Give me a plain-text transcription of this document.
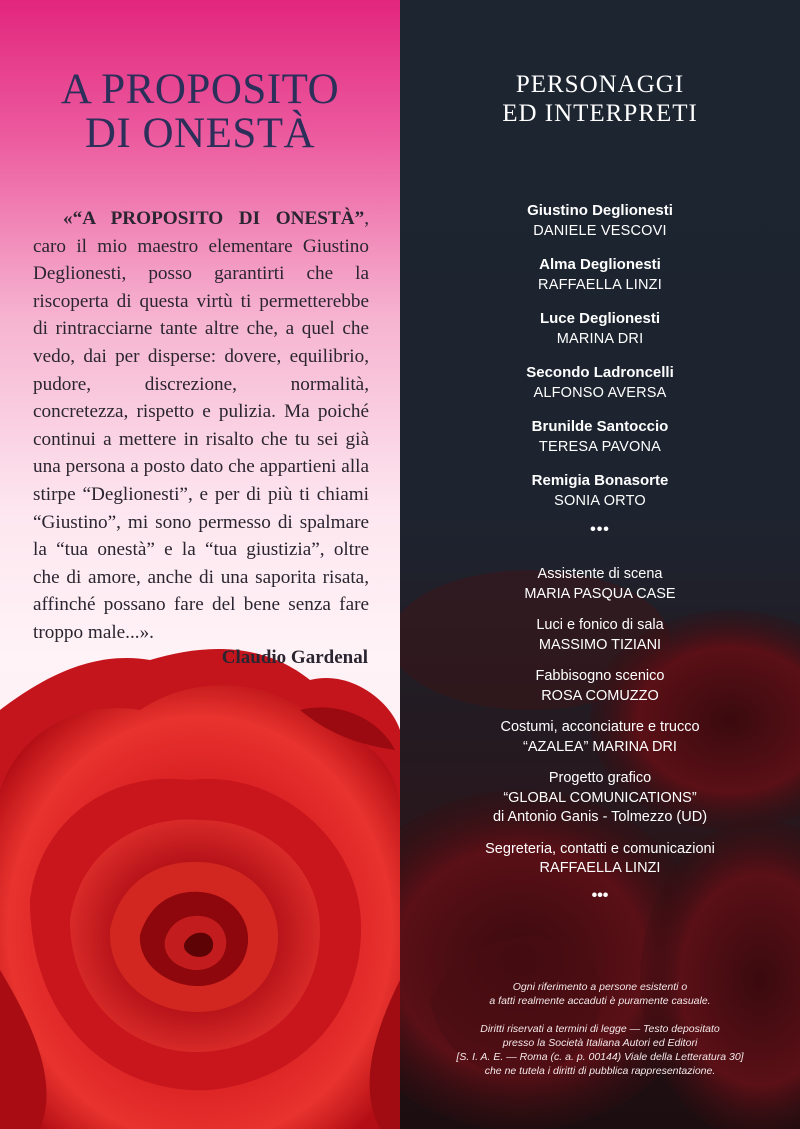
A PROPOSITO
DI ONESTÀ

«“A PROPOSITO DI ONESTÀ”, caro il mio maestro elementare Giustino Deglionesti, posso garantirti che la riscoperta di questa virtù ti permetterebbe di rintracciarne tante altre che, a quel che vedo, dai per disperse: dovere, equilibrio, pudore, discrezione, normalità, concretezza, rispetto e pulizia. Ma poiché continui a mettere in risalto che tu sei già una persona a posto dato che appartieni alla stirpe “Deglionesti”, e per di più ti chiami “Giustino”, mi sono permesso di spalmare la “tua onestà” e la “tua giustizia”, oltre che di amore, anche di una saporita risata, affinché possano fare del bene senza fare troppo male...».

Claudio Gardenal
PERSONAGGI
ED INTERPRETI
Giustino Deglionesti
DANIELE VESCOVI
Alma Deglionesti
RAFFAELLA LINZI
Luce Deglionesti
MARINA DRI
Secondo Ladroncelli
ALFONSO AVERSA
Brunilde Santoccio
TERESA PAVONA
Remigia Bonasorte
SONIA ORTO
•••
Assistente di scena
MARIA PASQUA CASE
Luci e fonico di sala
MASSIMO TIZIANI
Fabbisogno scenico
ROSA COMUZZO
Costumi, acconciature e trucco
“AZALEA” MARINA DRI
Progetto grafico
“GLOBAL COMUNICATIONS”
di Antonio Ganis - Tolmezzo (UD)
Segreteria, contatti e comunicazioni
RAFFAELLA LINZI
•••

Ogni riferimento a persone esistenti o

a fatti realmente accaduti è puramente casuale.

Diritti riservati a termini di legge — Testo depositato

presso la Società Italiana Autori ed Editori

[S. I. A. E. — Roma (c. a. p. 00144) Viale della Letteratura 30]

che ne tutela i diritti di pubblica rappresentazione.
